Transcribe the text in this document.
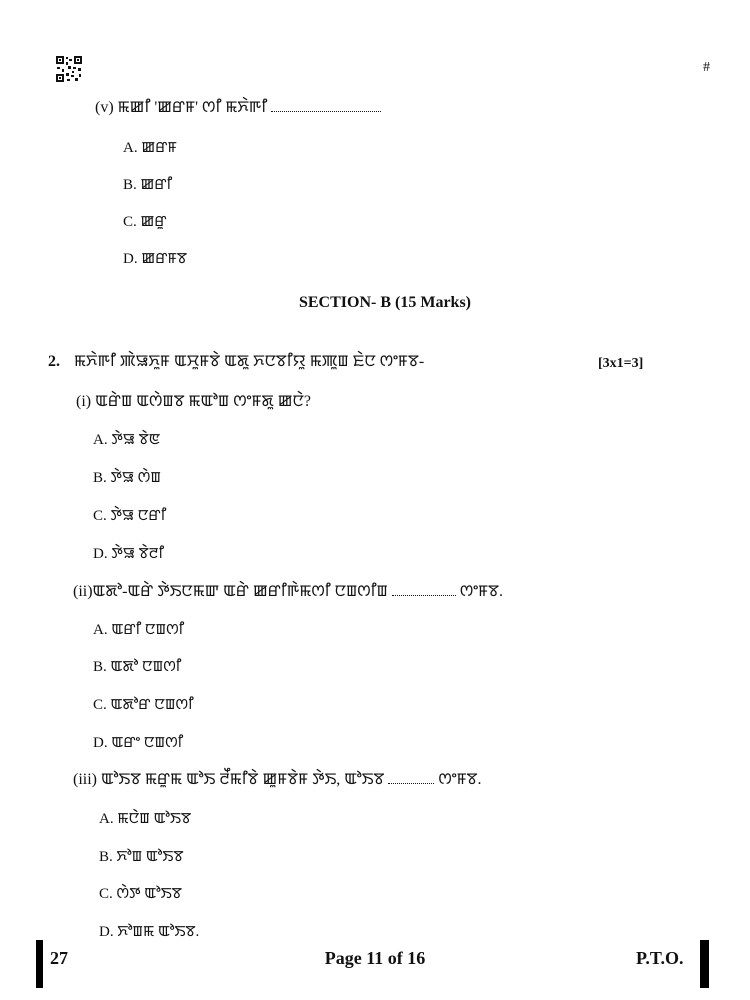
#
(v) ꯃꯀꯤ 'ꯀꯔꯝ' ꯁꯤ ꯃꯈꯥꯒꯤ
A. ꯀꯔꯝ
B. ꯀꯔꯤ
C. ꯀꯔꯨ
D. ꯀꯔꯝꯕ
SECTION- B (15 Marks)
2. ꯃꯈꯥꯒꯤ ꯄꯥꯎꯈꯨꯝ ꯑꯆꯨꯝꯕꯥ ꯑꯗꯨ ꯈꯅꯕꯤꯌꯨ ꯃꯄꯨꯡ ꯐꯥꯅ ꯁꯦꯝꯕ-	[3x1=3]
(i) ꯑꯔꯥꯡ ꯑꯁꯥꯡꯕ ꯃꯑꯣꯡ ꯁꯦꯝꯗꯨ ꯀꯅꯥ?
A. ꯇꯥꯎ ꯕꯥꯟ
B. ꯇꯥꯎ ꯁꯥꯡ
C. ꯇꯥꯎ ꯅꯔꯤ
D. ꯇꯥꯎ ꯕꯥꯂꯤ
(ii)ꯑꯗꯣ-ꯑꯔꯥ ꯇꯥꯏꯅꯃꯛ ꯑꯔꯥ ꯀꯔꯤꯒꯥꯃꯁꯤ ꯅꯡꯁꯤꯡ	ꯁꯦꯝꯕ.
A. ꯑꯔꯤ ꯅꯡꯁꯤ
B. ꯑꯗꯣ ꯅꯡꯁꯤ
C. ꯑꯗꯣꯔ ꯅꯡꯁꯤ
D. ꯑꯔꯦ ꯅꯡꯁꯤ
(iii) ꯑꯣꯏꯕ ꯃꯔꯨꯃ ꯑꯣꯏ ꯂꯩꯃꯤꯕꯥ ꯀꯨꯝꯕꯥꯝ ꯇꯥꯏ, ꯑꯣꯏꯕ	ꯁꯦꯝꯕ.
A. ꯃꯅꯥꯡ ꯑꯣꯏꯕ
B. ꯈꯣꯡ ꯑꯣꯏꯕ
C. ꯁꯥꯇ ꯑꯣꯏꯕ
D. ꯈꯣꯡꯃ ꯑꯣꯏꯕ.
27	Page 11 of 16	P.T.O.
